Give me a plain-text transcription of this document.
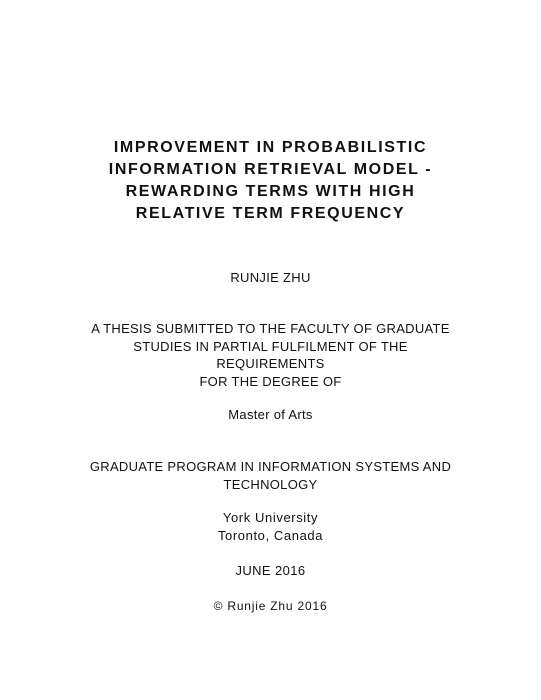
IMPROVEMENT IN PROBABILISTIC
INFORMATION RETRIEVAL MODEL -
REWARDING TERMS WITH HIGH
RELATIVE TERM FREQUENCY
RUNJIE ZHU
A THESIS SUBMITTED TO THE FACULTY OF GRADUATE
STUDIES IN PARTIAL FULFILMENT OF THE
REQUIREMENTS
FOR THE DEGREE OF
Master of Arts
GRADUATE PROGRAM IN INFORMATION SYSTEMS AND
TECHNOLOGY
York University
Toronto, Canada
JUNE 2016
© Runjie Zhu 2016
